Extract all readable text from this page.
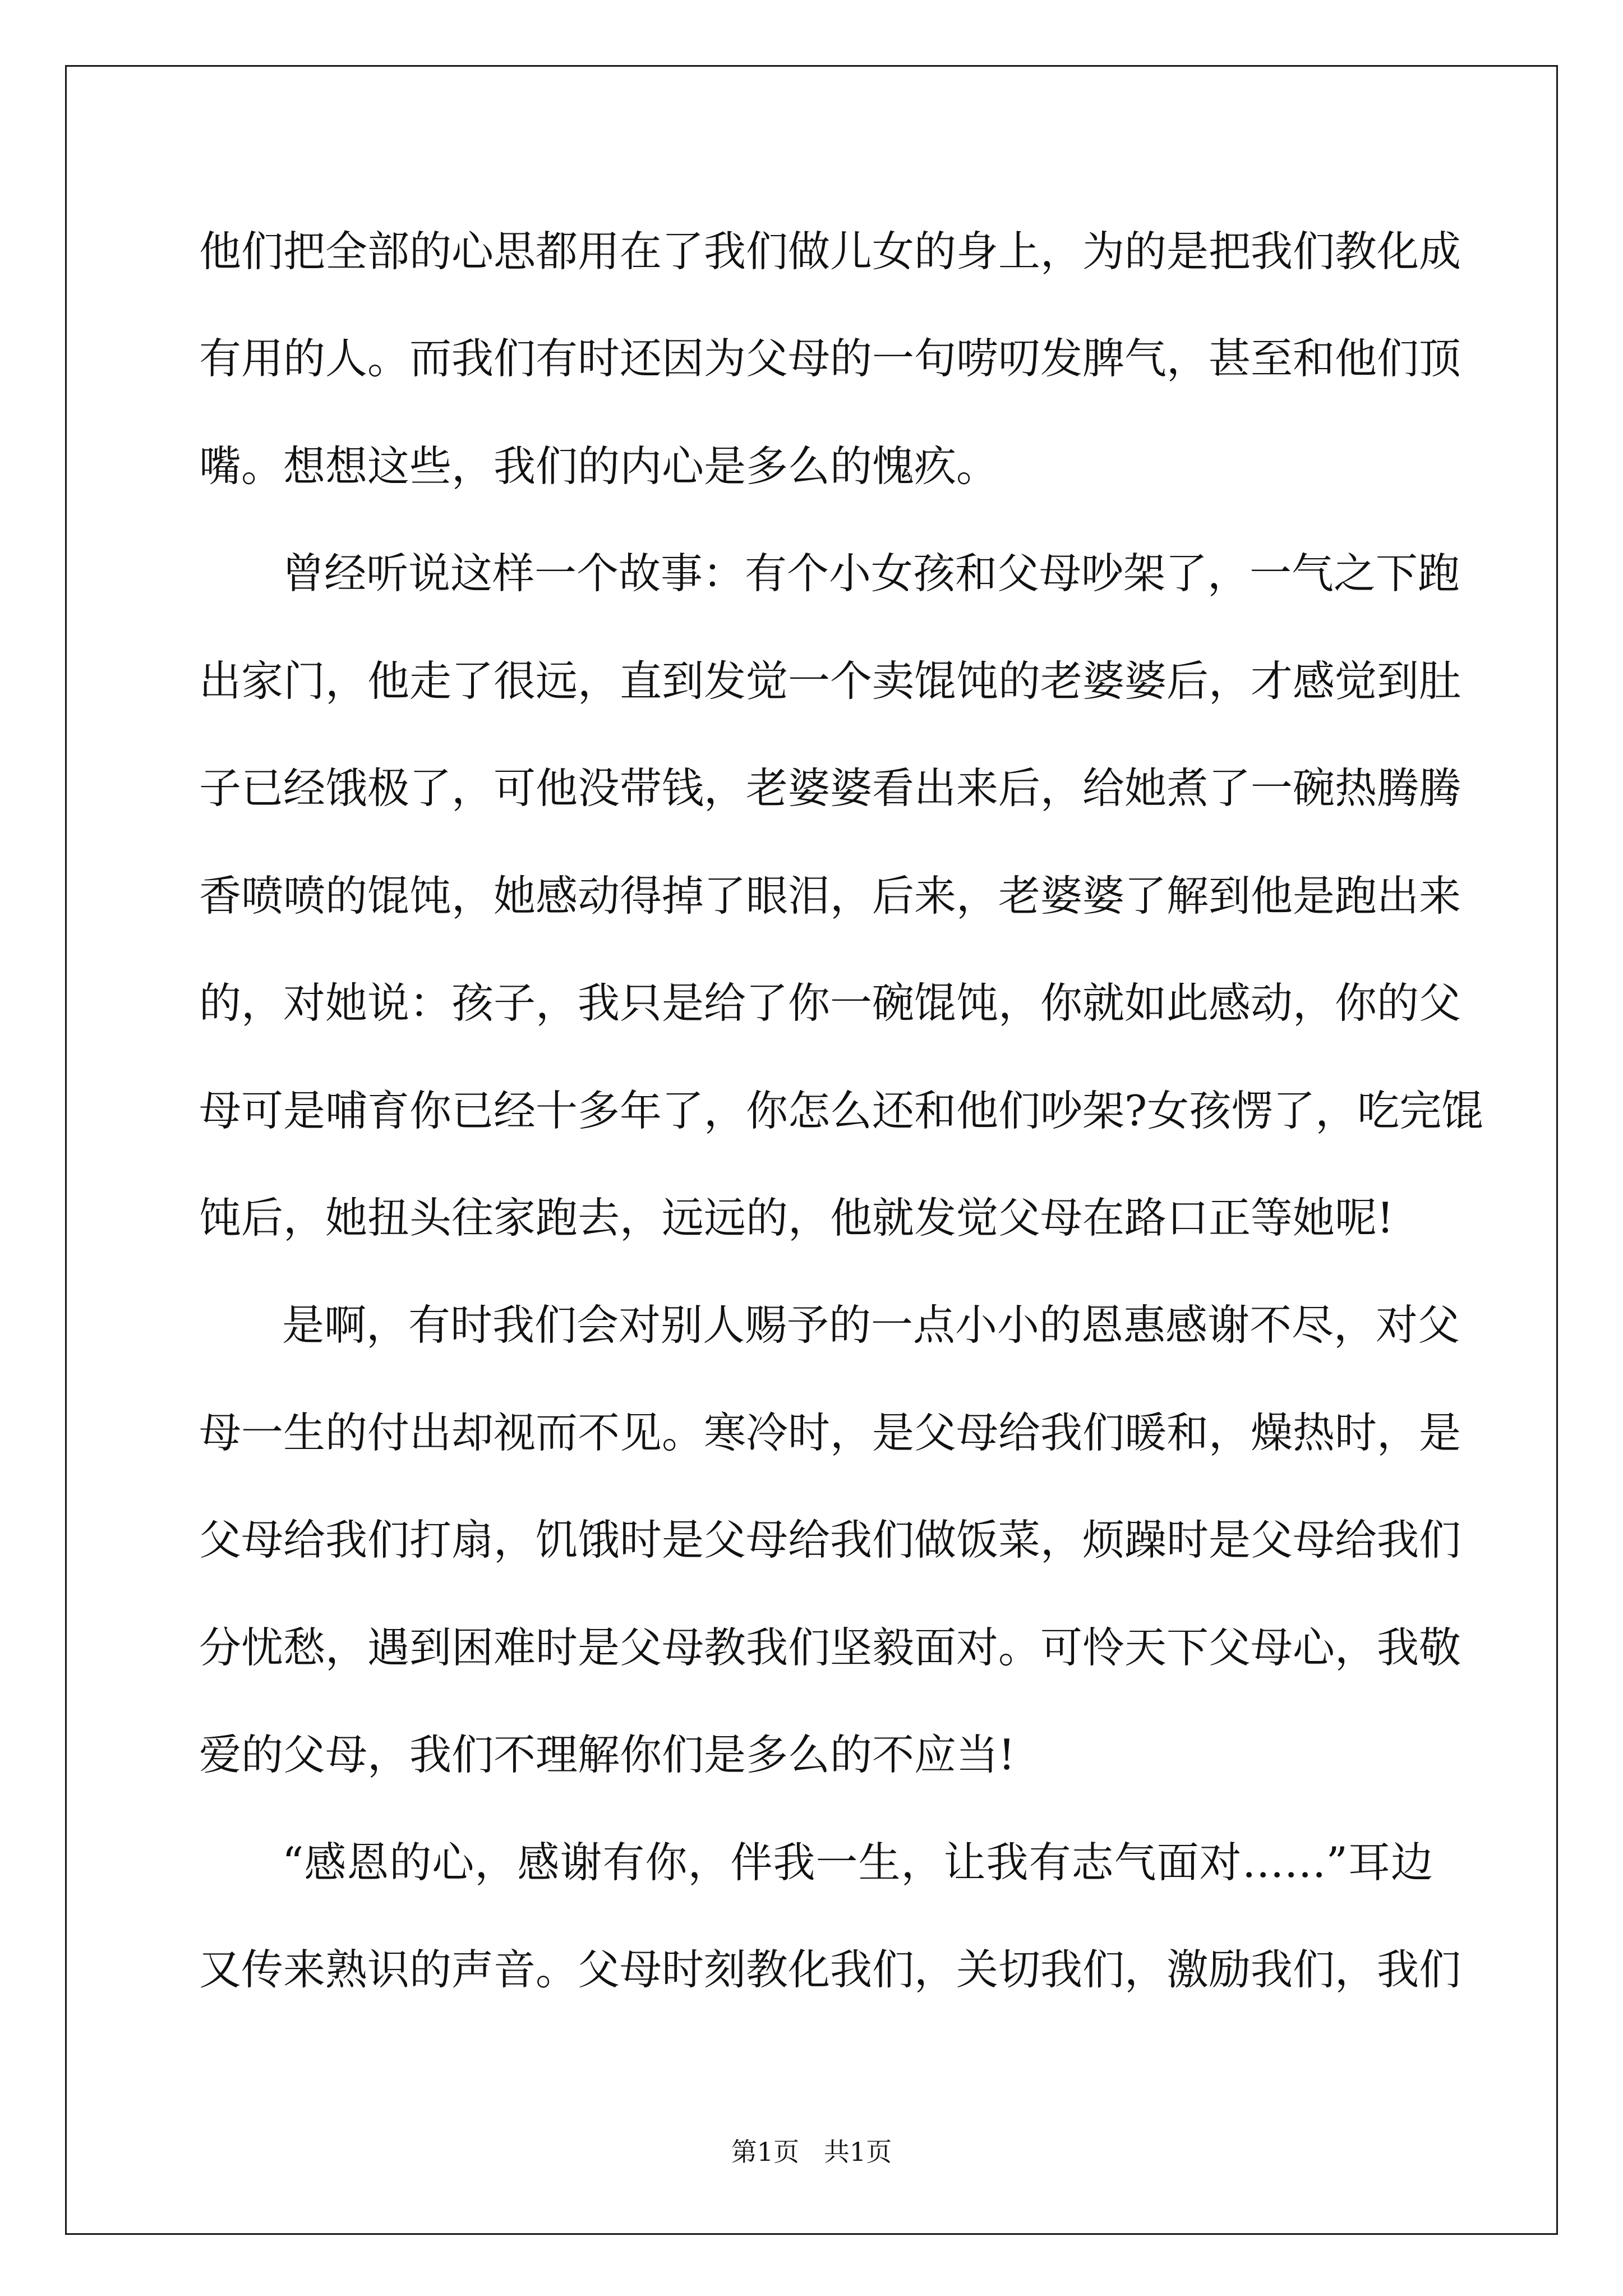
他们把全部的心思都用在了我们做儿女的身上，为的是把我们教化成
有用的人。而我们有时还因为父母的一句唠叨发脾气，甚至和他们顶
嘴。想想这些，我们的内心是多么的愧疚。
曾经听说这样一个故事：有个小女孩和父母吵架了，一气之下跑
出家门，他走了很远，直到发觉一个卖馄饨的老婆婆后，才感觉到肚
子已经饿极了，可他没带钱，老婆婆看出来后，给她煮了一碗热腾腾
香喷喷的馄饨，她感动得掉了眼泪，后来，老婆婆了解到他是跑出来
的，对她说：孩子，我只是给了你一碗馄饨，你就如此感动，你的父
母可是哺育你已经十多年了，你怎么还和他们吵架?女孩愣了，吃完馄
饨后，她扭头往家跑去，远远的，他就发觉父母在路口正等她呢!
是啊，有时我们会对别人赐予的一点小小的恩惠感谢不尽，对父
母一生的付出却视而不见。寒冷时，是父母给我们暖和，燥热时，是
父母给我们打扇，饥饿时是父母给我们做饭菜，烦躁时是父母给我们
分忧愁，遇到困难时是父母教我们坚毅面对。可怜天下父母心，我敬
爱的父母，我们不理解你们是多么的不应当!
“感恩的心，感谢有你，伴我一生，让我有志气面对……”耳边
又传来熟识的声音。父母时刻教化我们，关切我们，激励我们，我们
第1页   共1页
